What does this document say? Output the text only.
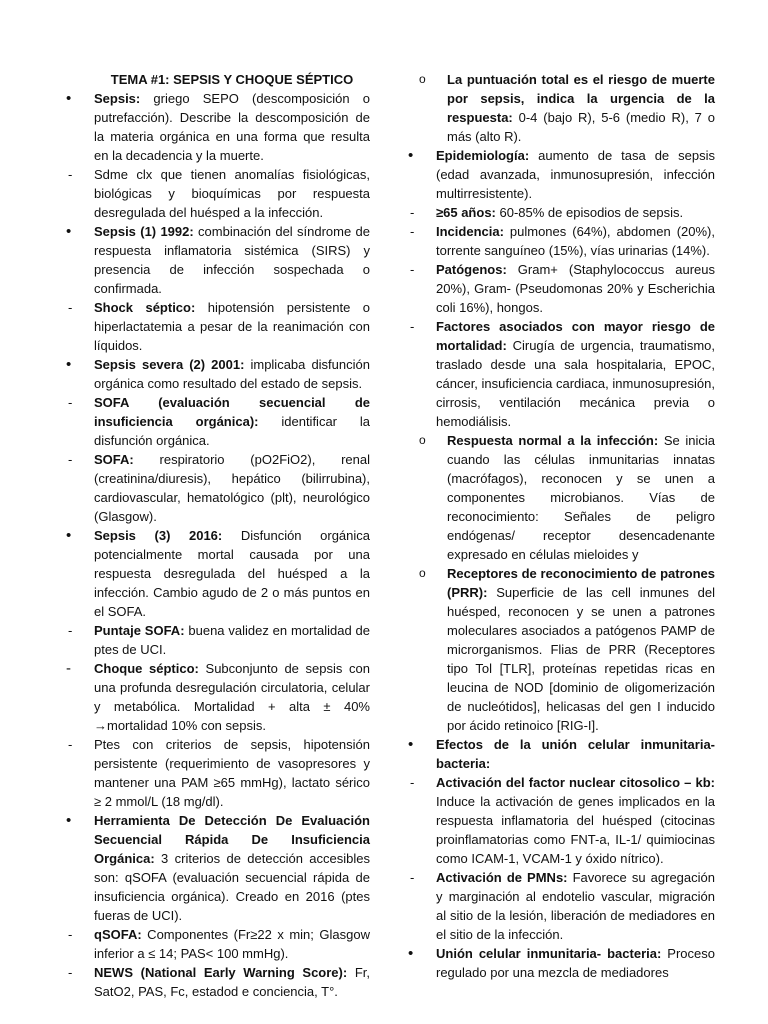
TEMA #1: SEPSIS Y CHOQUE SÉPTICO

• Sepsis: griego SEPO (descomposición o putrefacción). Describe la descomposición de la materia orgánica en una forma que resulta en la decadencia y la muerte.

- Sdme clx que tienen anomalías fisiológicas, biológicas y bioquímicas por respuesta desregulada del huésped a la infección.

• Sepsis (1) 1992: combinación del síndrome de respuesta inflamatoria sistémica (SIRS) y presencia de infección sospechada o confirmada.

- Shock séptico: hipotensión persistente o hiperlactatemia a pesar de la reanimación con líquidos.

• Sepsis severa (2) 2001: implicaba disfunción orgánica como resultado del estado de sepsis.

- SOFA (evaluación secuencial de insuficiencia orgánica): identificar la disfunción orgánica.

- SOFA: respiratorio (pO2FiO2), renal (creatinina/diuresis), hepático (bilirrubina), cardiovascular, hematológico (plt), neurológico (Glasgow).

• Sepsis (3) 2016: Disfunción orgánica potencialmente mortal causada por una respuesta desregulada del huésped a la infección. Cambio agudo de 2 o más puntos en el SOFA.

- Puntaje SOFA: buena validez en mortalidad de ptes de UCI.

- Choque séptico: Subconjunto de sepsis con una profunda desregulación circulatoria, celular y metabólica. Mortalidad + alta ± 40% →mortalidad 10% con sepsis.

- Ptes con criterios de sepsis, hipotensión persistente (requerimiento de vasopresores y mantener una PAM ≥65 mmHg), lactato sérico ≥ 2 mmol/L (18 mg/dl).

• Herramienta De Detección De Evaluación Secuencial Rápida De Insuficiencia Orgánica: 3 criterios de detección accesibles son: qSOFA (evaluación secuencial rápida de insuficiencia orgánica). Creado en 2016 (ptes fueras de UCI).

- qSOFA: Componentes (Fr≥22 x min; Glasgow inferior a ≤ 14; PAS< 100 mmHg).

- NEWS (National Early Warning Score): Fr, SatO2, PAS, Fc, estadod e conciencia, T°.

o La puntuación total es el riesgo de muerte por sepsis, indica la urgencia de la respuesta: 0-4 (bajo R), 5-6 (medio R), 7 o más (alto R).

• Epidemiología: aumento de tasa de sepsis (edad avanzada, inmunosupresión, infección multirresistente).

- ≥65 años: 60-85% de episodios de sepsis.

- Incidencia: pulmones (64%), abdomen (20%), torrente sanguíneo (15%), vías urinarias (14%).

- Patógenos: Gram+ (Staphylococcus aureus 20%), Gram- (Pseudomonas 20% y Escherichia coli 16%), hongos.

- Factores asociados con mayor riesgo de mortalidad: Cirugía de urgencia, traumatismo, traslado desde una sala hospitalaria, EPOC, cáncer, insuficiencia cardiaca, inmunosupresión, cirrosis, ventilación mecánica previa o hemodiálisis.

o Respuesta normal a la infección: Se inicia cuando las células inmunitarias innatas (macrófagos), reconocen y se unen a componentes microbianos. Vías de reconocimiento: Señales de peligro endógenas/ receptor desencadenante expresado en células mieloides y

o Receptores de reconocimiento de patrones (PRR): Superficie de las cell inmunes del huésped, reconocen y se unen a patrones moleculares asociados a patógenos PAMP de microrganismos. Flias de PRR (Receptores tipo Tol [TLR], proteínas repetidas ricas en leucina de NOD [dominio de oligomerización de nucleótidos], helicasas del gen I inducido por ácido retinoico [RIG-I].

• Efectos de la unión celular inmunitaria- bacteria:

- Activación del factor nuclear citosolico – kb: Induce la activación de genes implicados en la respuesta inflamatoria del huésped (citocinas proinflamatorias como FNT-a, IL-1/ quimiocinas como ICAM-1, VCAM-1 y óxido nítrico).

- Activación de PMNs: Favorece su agregación y marginación al endotelio vascular, migración al sitio de la lesión, liberación de mediadores en el sitio de la infección.

• Unión celular inmunitaria- bacteria: Proceso regulado por una mezcla de mediadores
